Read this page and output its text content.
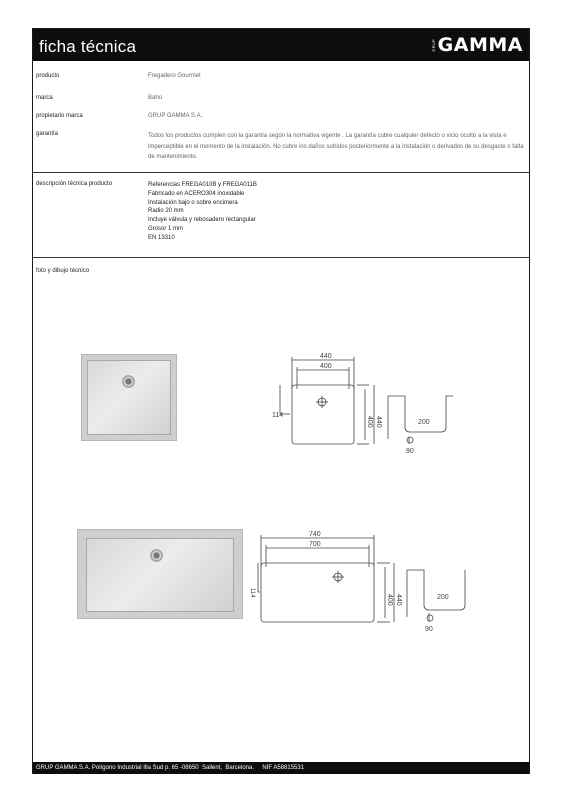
ficha técnica	GRUP GAMMA
producto	Fregadero Gourmet
marca	Baho
propietario marca	GRUP GAMMA S.A.
garantía	Todos los productos cumplen con la garantía según la normativa vigente . La garantía cubre cualquier defecto o vicio oculto a la vista e imperceptible en el momento de la instalación. No cubre los daños sufridos posteriormente a la instalación o derivados de su desgaste o falta de mantenimiento.
descripción técnica producto	Referencias FREGA010B y FREGA011B
Fabricado en ACERO304 inoxidable
Instalación bajo o sobre encimera
Radio 20 mm
Incluye válvula y rebosadero rectangular
Grosor 1 mm
EN 13310
foto y dibujo técnico
440
400
114
400 440	200
90
740
700
114
400 440	200
90
GRUP GAMMA S.A. Polígono Industrial Illa Sud p. 65 -08650  Sallent,  Barcelona.     NIF A58815531
